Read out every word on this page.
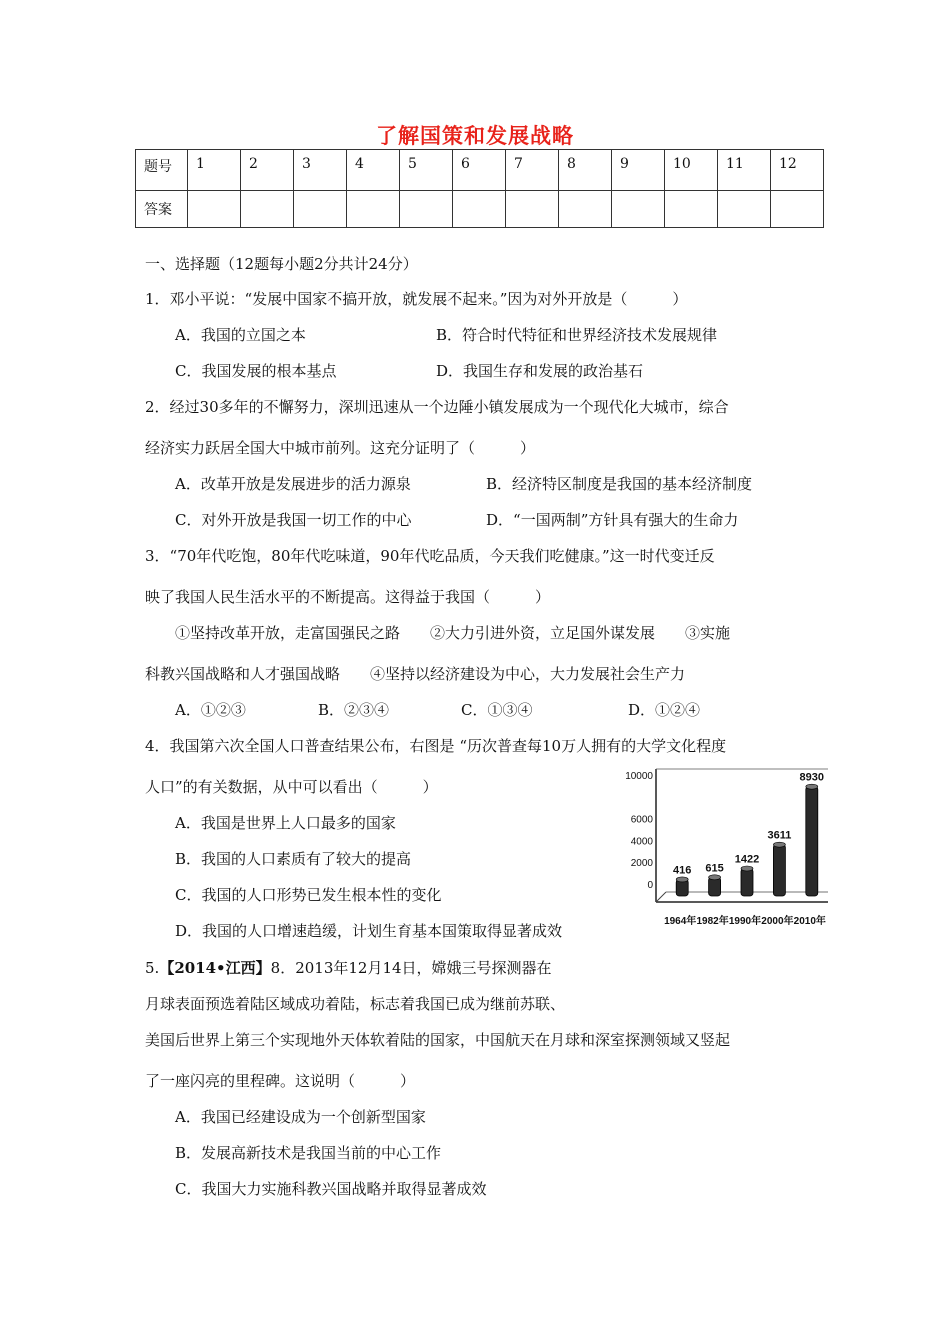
了解国策和发展战略
题号	1	2	3	4	5	6	7	8	9	10	11	12
答案												
一、选择题（12题每小题2分共计24分）
1．邓小平说：“发展中国家不搞开放，就发展不起来。”因为对外开放是（　　　）
A．我国的立国之本	B．符合时代特征和世界经济技术发展规律
C．我国发展的根本基点	D．我国生存和发展的政治基石
2．经过30多年的不懈努力，深圳迅速从一个边陲小镇发展成为一个现代化大城市，综合
经济实力跃居全国大中城市前列。这充分证明了（　　　）
A．改革开放是发展进步的活力源泉	B．经济特区制度是我国的基本经济制度
C．对外开放是我国一切工作的中心	D．“一国两制”方针具有强大的生命力
3．“70年代吃饱，80年代吃味道，90年代吃品质，今天我们吃健康。”这一时代变迁反
映了我国人民生活水平的不断提高。这得益于我国（　　　）
①坚持改革开放，走富国强民之路　　②大力引进外资，立足国外谋发展　　③实施
科教兴国战略和人才强国战略　　④坚持以经济建设为中心，大力发展社会生产力
A．①②③	B．②③④	C．①③④	D．①②④
4．我国第六次全国人口普查结果公布，右图是 “历次普查每10万人拥有的大学文化程度
人口”的有关数据，从中可以看出（　　　）
A．我国是世界上人口最多的国家
B．我国的人口素质有了较大的提高
C．我国的人口形势已发生根本性的变化
D．我国的人口增速趋缓，计划生育基本国策取得显著成效
0
2000
4000
6000
10000
416 615
1422
3611
8930
1964年 1982年 1990年 2000年 2010年
5.【2014•江西】8．2013年12月14日，嫦娥三号探测器在
月球表面预选着陆区域成功着陆，标志着我国已成为继前苏联、
美国后世界上第三个实现地外天体软着陆的国家，中国航天在月球和深室探测领域又竖起
了一座闪亮的里程碑。这说明（　　　）
A．我国已经建设成为一个创新型国家
B．发展高新技术是我国当前的中心工作
C．我国大力实施科教兴国战略并取得显著成效
